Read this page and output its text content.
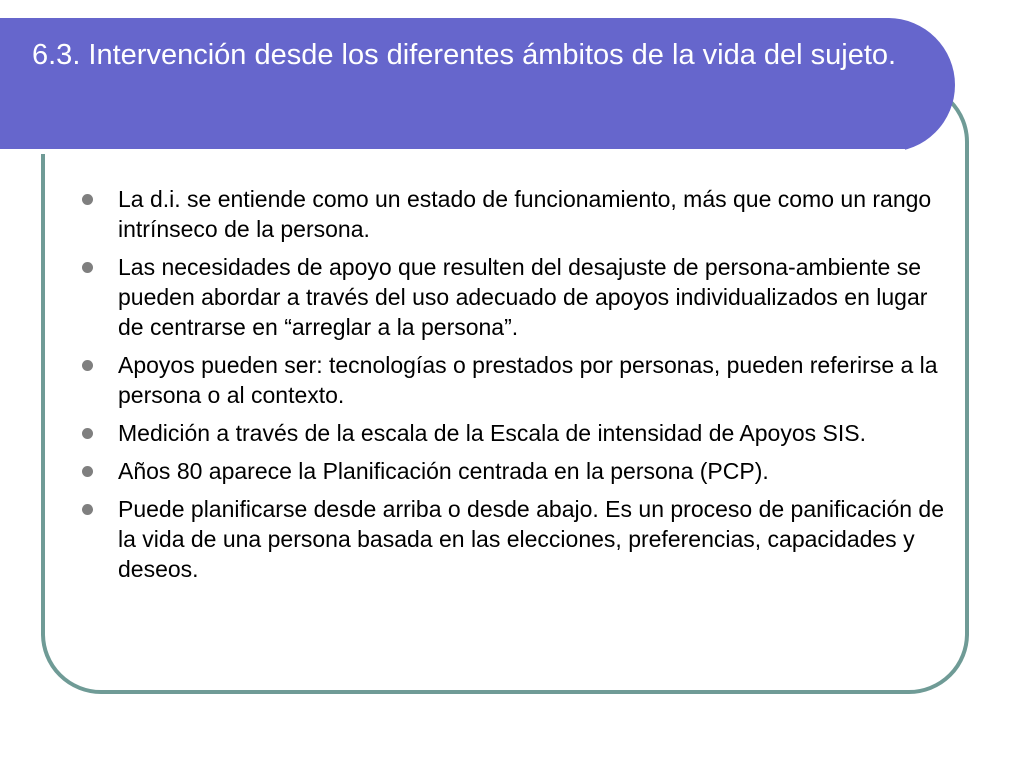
6.3. Intervención desde los diferentes ámbitos de la vida del sujeto.
La d.i. se entiende como un estado de funcionamiento, más que como un rango intrínseco de la persona.
Las necesidades de apoyo que resulten del desajuste de persona-ambiente se pueden abordar a través del uso adecuado de apoyos individualizados en lugar de centrarse en “arreglar a la persona”.
Apoyos pueden ser: tecnologías o prestados por personas, pueden referirse a la persona o al contexto.
Medición a través de la escala de la Escala de intensidad de Apoyos SIS.
Años 80 aparece la Planificación centrada en la persona (PCP).
Puede planificarse desde arriba o desde abajo. Es un proceso de panificación de la vida de una persona basada en las elecciones, preferencias, capacidades y deseos.
